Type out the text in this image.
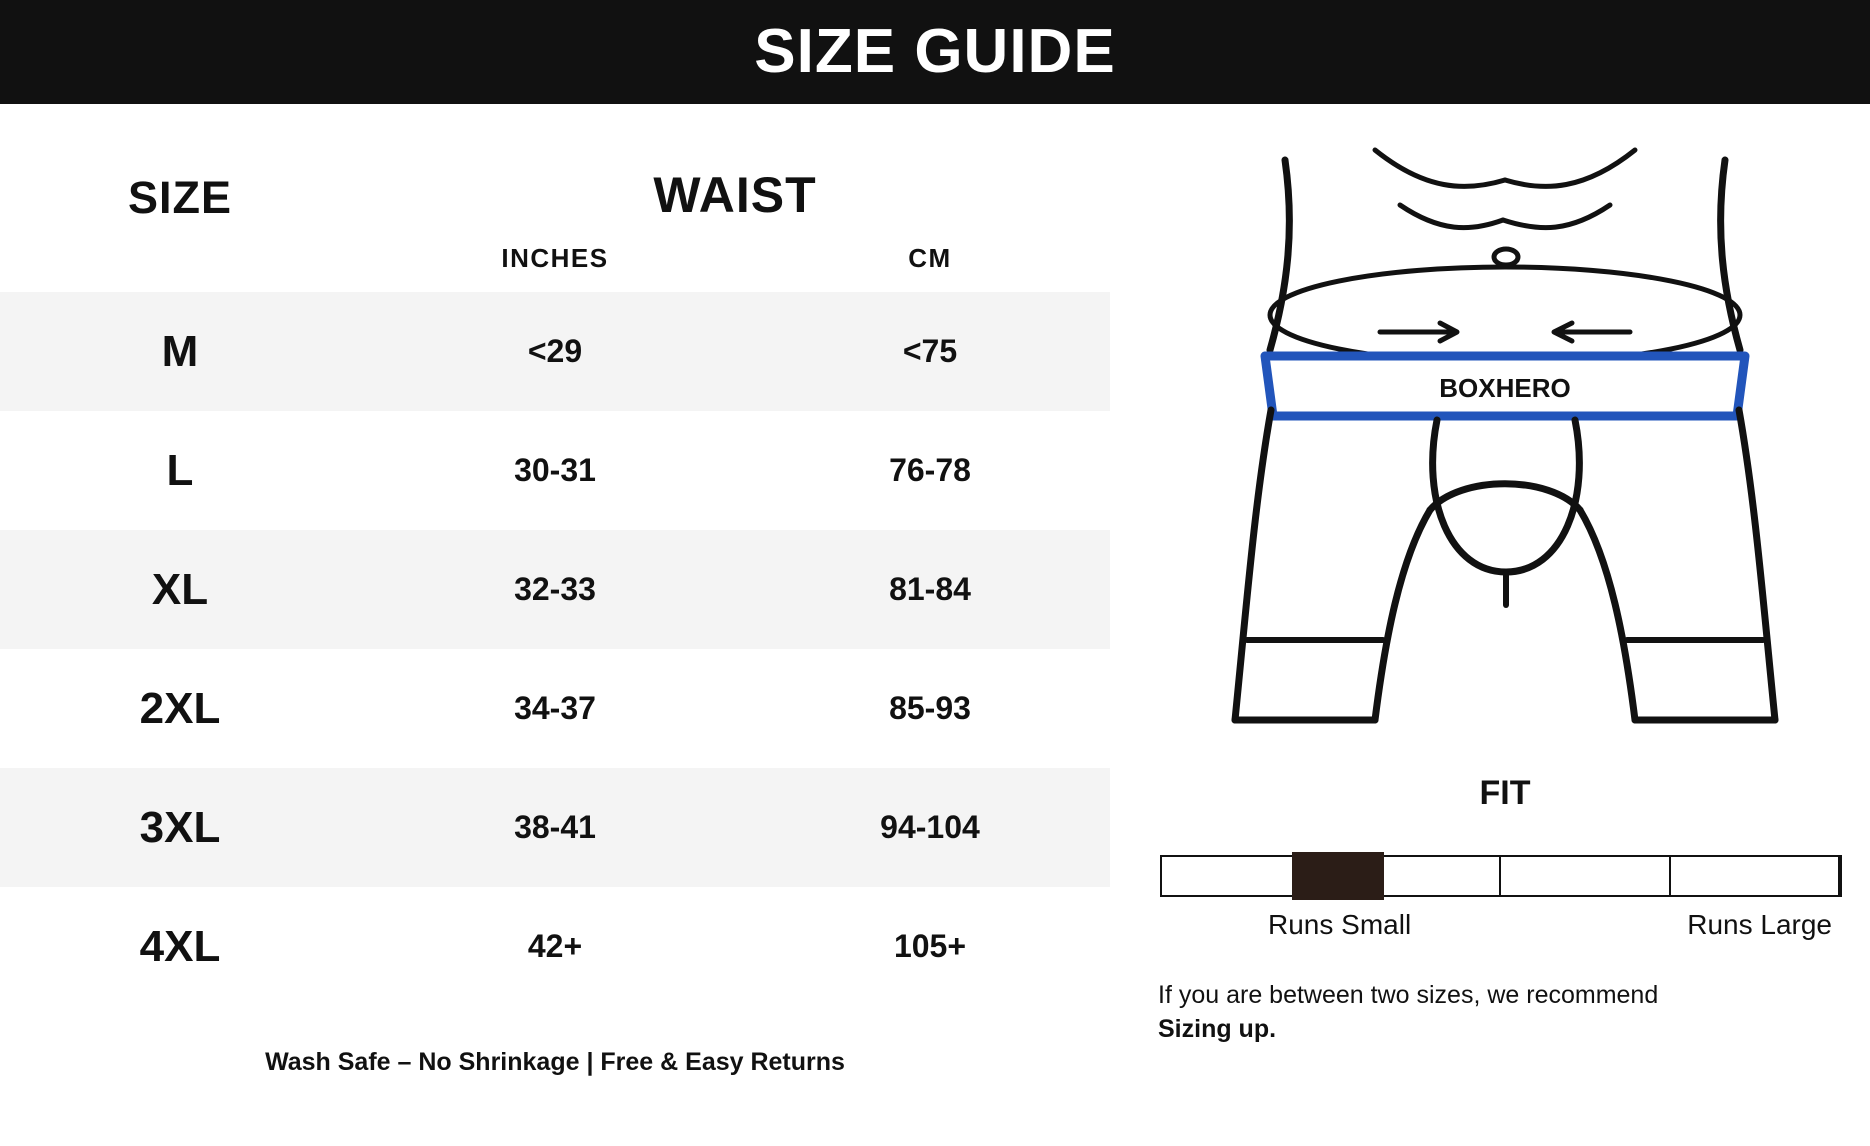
SIZE GUIDE
SIZE	WAIST
INCHES	CM
M	<29	<75
L	30-31	76-78
XL	32-33	81-84
2XL	34-37	85-93
3XL	38-41	94-104
4XL	42+	105+
Wash Safe – No Shrinkage | Free & Easy Returns
BOXHERO
FIT
Runs Small	Runs Large
If you are between two sizes, we recommend
Sizing up.
